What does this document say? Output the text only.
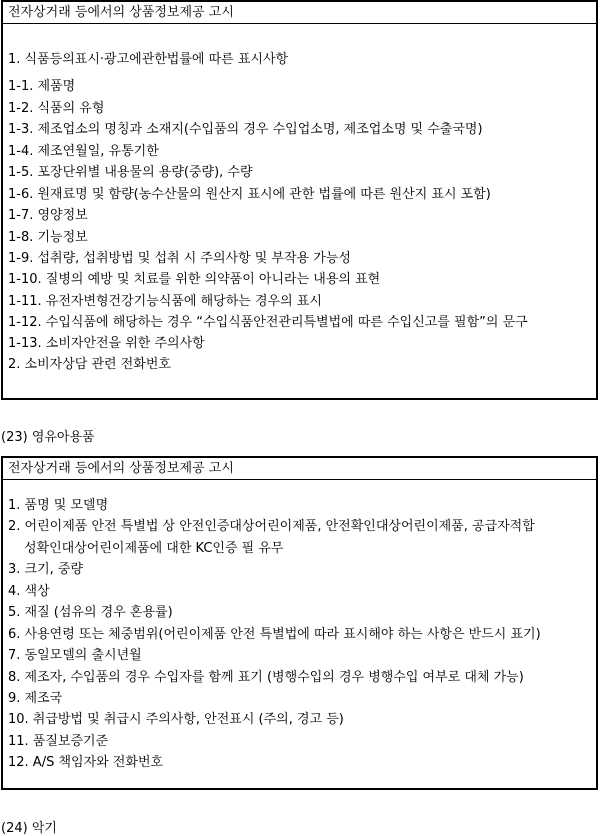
전자상거래 등에서의 상품정보제공 고시
1. 식품등의표시·광고에관한법률에 따른 표시사항
1-1. 제품명
1-2. 식품의 유형
1-3. 제조업소의 명칭과 소재지(수입품의 경우 수입업소명, 제조업소명 및 수출국명)
1-4. 제조연월일, 유통기한
1-5. 포장단위별 내용물의 용량(중량), 수량
1-6. 원재료명 및 함량(농수산물의 원산지 표시에 관한 법률에 따른 원산지 표시 포함)
1-7. 영양정보
1-8. 기능정보
1-9. 섭취량, 섭취방법 및 섭취 시 주의사항 및 부작용 가능성
1-10. 질병의 예방 및 치료를 위한 의약품이 아니라는 내용의 표현
1-11. 유전자변형건강기능식품에 해당하는 경우의 표시
1-12. 수입식품에 해당하는 경우 “수입식품안전관리특별법에 따른 수입신고를 필함”의 문구
1-13. 소비자안전을 위한 주의사항
2. 소비자상담 관련 전화번호
(23) 영유아용품
전자상거래 등에서의 상품정보제공 고시
1. 품명 및 모델명
2. 어린이제품 안전 특별법 상 안전인증대상어린이제품, 안전확인대상어린이제품, 공급자적합
성확인대상어린이제품에 대한 KC인증 필 유무
3. 크기, 중량
4. 색상
5. 재질 (섬유의 경우 혼용률)
6. 사용연령 또는 체중범위(어린이제품 안전 특별법에 따라 표시해야 하는 사항은 반드시 표기)
7. 동일모델의 출시년월
8. 제조자, 수입품의 경우 수입자를 함께 표기 (병행수입의 경우 병행수입 여부로 대체 가능)
9. 제조국
10. 취급방법 및 취급시 주의사항, 안전표시 (주의, 경고 등)
11. 품질보증기준
12. A/S 책임자와 전화번호
(24) 악기
